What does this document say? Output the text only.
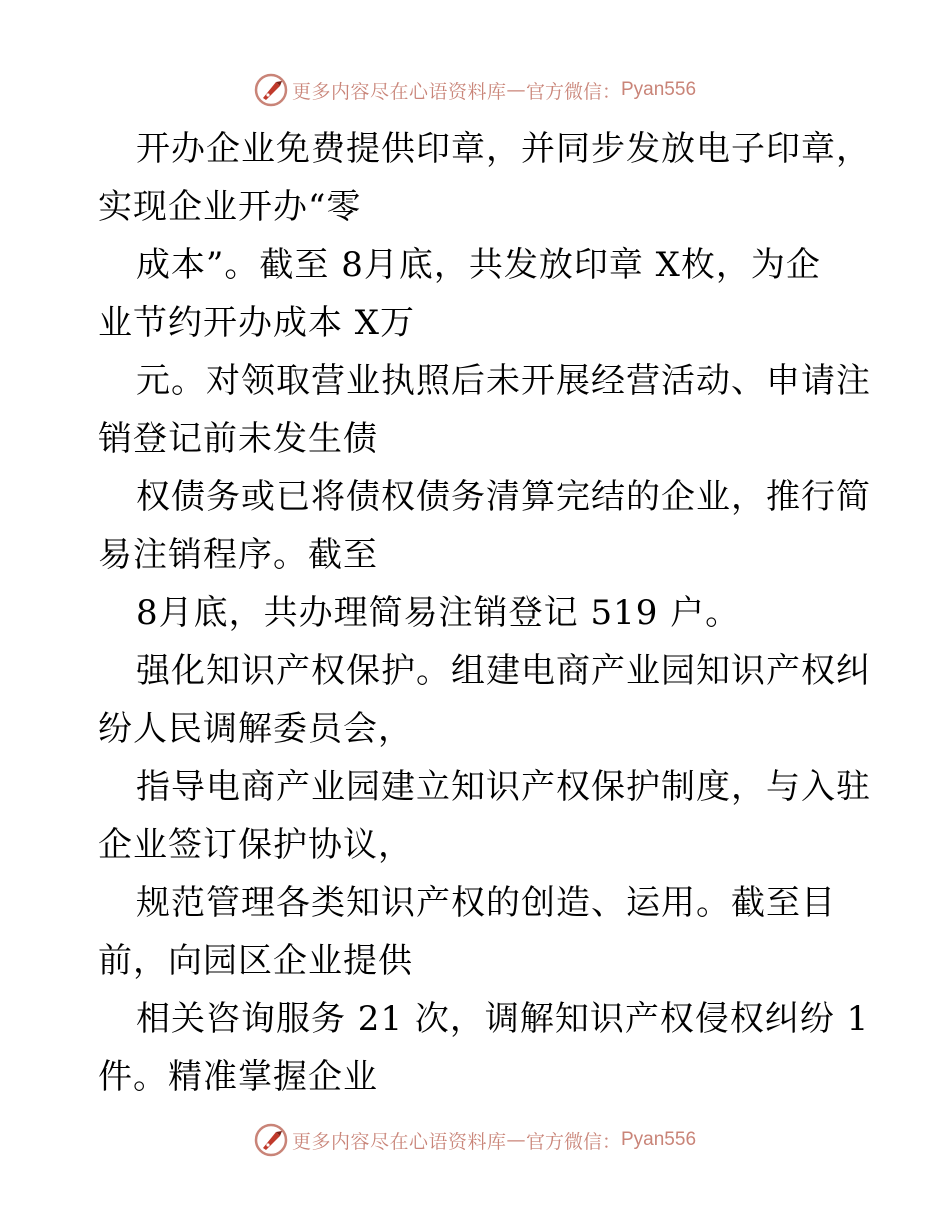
更多内容尽在心语资料库 — 官方微信： Pyan556
开办企业免费提供印章，并同步发放电子印章，
实现企业开办“零
成本”。截至 8月底，共发放印章 X枚，为企
业节约开办成本 X万
元。对领取营业执照后未开展经营活动、申请注
销登记前未发生债
权债务或已将债权债务清算完结的企业，推行简
易注销程序。截至
8月底，共办理简易注销登记 519 户。
强化知识产权保护。组建电商产业园知识产权纠
纷人民调解委员会，
指导电商产业园建立知识产权保护制度，与入驻
企业签订保护协议，
规范管理各类知识产权的创造、运用。截至目
前，向园区企业提供
相关咨询服务 21 次，调解知识产权侵权纠纷 1
件。精准掌握企业
更多内容尽在心语资料库 — 官方微信： Pyan556
